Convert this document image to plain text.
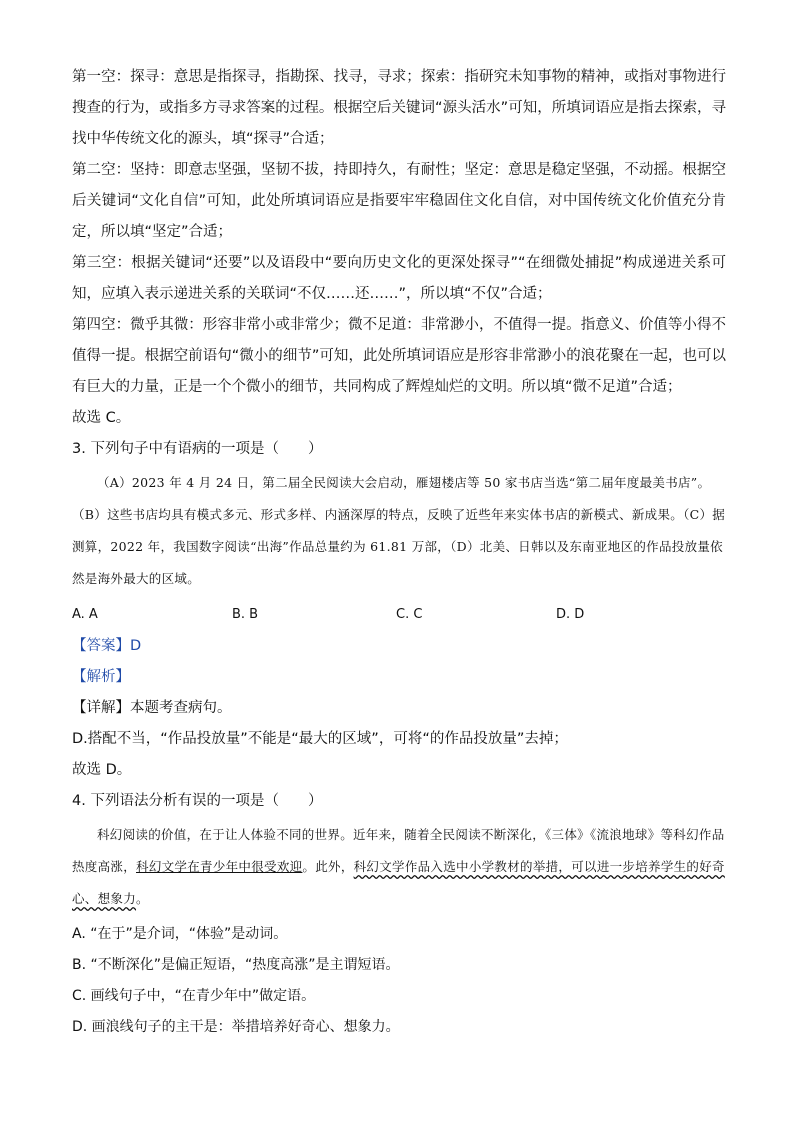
第一空：探寻：意思是指探寻，指勘探、找寻，寻求；探索：指研究未知事物的精神，或指对事物进行搜查的行为，或指多方寻求答案的过程。根据空后关键词“源头活水”可知，所填词语应是指去探索，寻找中华传统文化的源头，填“探寻”合适；

第二空：坚持：即意志坚强，坚韧不拔，持即持久，有耐性；坚定：意思是稳定坚强，不动摇。根据空后关键词“文化自信”可知，此处所填词语应是指要牢牢稳固住文化自信，对中国传统文化价值充分肯定，所以填“坚定”合适；

第三空：根据关键词“还要”以及语段中“要向历史文化的更深处探寻”“在细微处捕捉”构成递进关系可知，应填入表示递进关系的关联词“不仅……还……”，所以填“不仅”合适；

第四空：微乎其微：形容非常小或非常少；微不足道：非常渺小，不值得一提。指意义、价值等小得不值得一提。根据空前语句“微小的细节”可知，此处所填词语应是形容非常渺小的浪花聚在一起，也可以有巨大的力量，正是一个个微小的细节，共同构成了辉煌灿烂的文明。所以填“微不足道”合适；

故选 C。

3. 下列句子中有语病的一项是（　　）

（A）2023 年 4 月 24 日，第二届全民阅读大会启动，雁翅楼店等 50 家书店当选“第二届年度最美书店”。（B）这些书店均具有模式多元、形式多样、内涵深厚的特点，反映了近些年来实体书店的新模式、新成果。（C）据测算，2022 年，我国数字阅读“出海”作品总量约为 61.81 万部，（D）北美、日韩以及东南亚地区的作品投放量依然是海外最大的区域。

A. A	B. B	C. C	D. D

【答案】D

【解析】

【详解】本题考查病句。

D.搭配不当，“作品投放量”不能是“最大的区域”，可将“的作品投放量”去掉；

故选 D。

4. 下列语法分析有误的一项是（　　）

科幻阅读的价值，在于让人体验不同的世界。近年来，随着全民阅读不断深化，《三体》《流浪地球》等科幻作品热度高涨，科幻文学在青少年中很受欢迎。此外，科幻文学作品入选中小学教材的举措，可以进一步培养学生的好奇心、想象力。

A. “在于”是介词，“体验”是动词。

B. “不断深化”是偏正短语，“热度高涨”是主谓短语。

C. 画线句子中，“在青少年中”做定语。

D. 画浪线句子的主干是：举措培养好奇心、想象力。
